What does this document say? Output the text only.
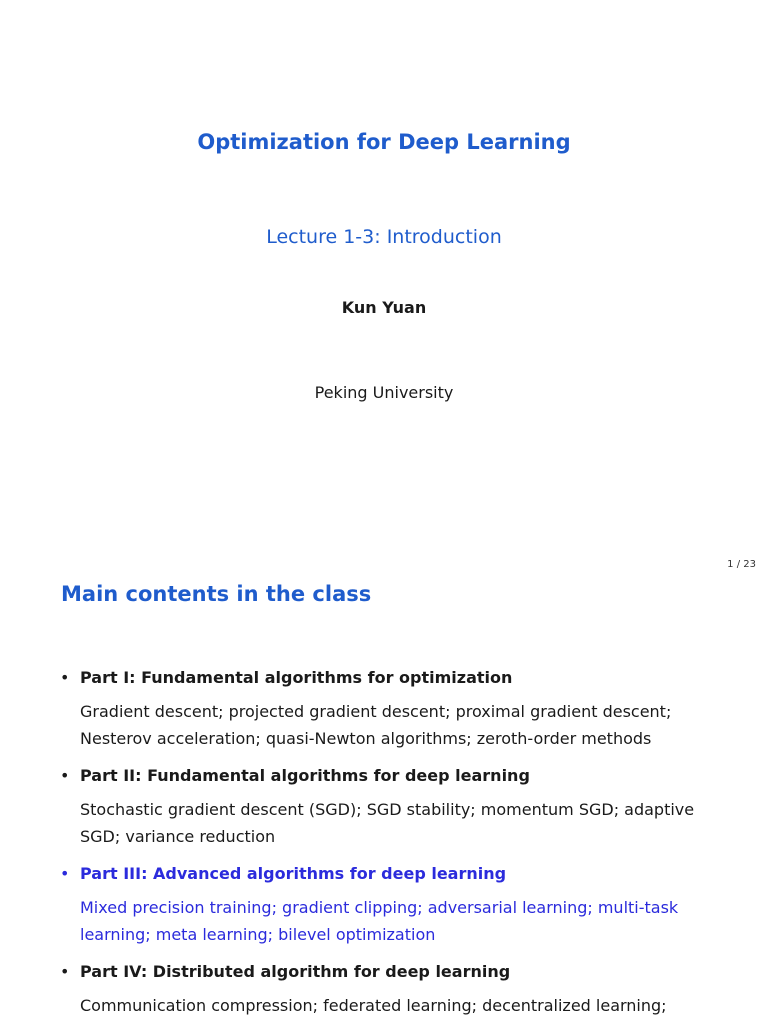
Optimization for Deep Learning
Lecture 1-3: Introduction
Kun Yuan
Peking University
1 / 23
Main contents in the class
• Part I: Fundamental algorithms for optimization
Gradient descent; projected gradient descent; proximal gradient descent; Nesterov acceleration; quasi-Newton algorithms; zeroth-order methods
• Part II: Fundamental algorithms for deep learning
Stochastic gradient descent (SGD); SGD stability; momentum SGD; adaptive SGD; variance reduction
• Part III: Advanced algorithms for deep learning
Mixed precision training; gradient clipping; adversarial learning; multi-task learning; meta learning; bilevel optimization
• Part IV: Distributed algorithm for deep learning
Communication compression; federated learning; decentralized learning;
